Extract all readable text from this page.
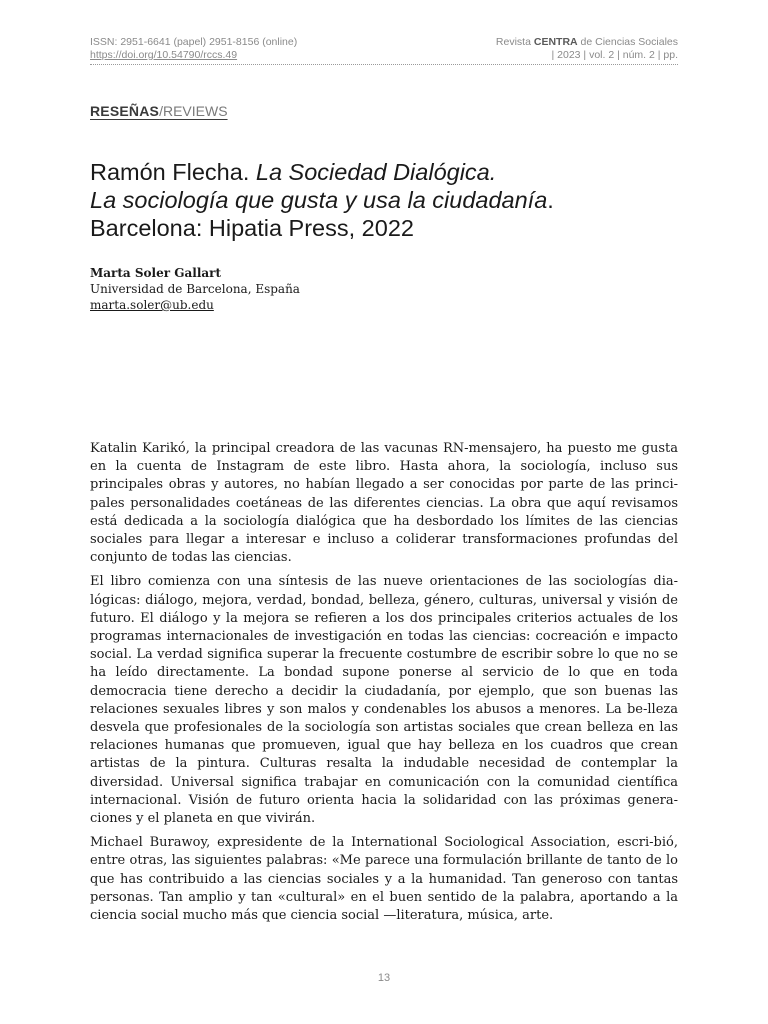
ISSN: 2951-6641 (papel) 2951-8156 (online)
https://doi.org/10.54790/rccs.49
Revista CENTRA de Ciencias Sociales
| 2023 | vol. 2 | núm. 2 | pp.
RESEÑAS/REVIEWS
Ramón Flecha. La Sociedad Dialógica.
La sociología que gusta y usa la ciudadanía.
Barcelona: Hipatia Press, 2022
Marta Soler Gallart
Universidad de Barcelona, España
marta.soler@ub.edu

Katalin Karikó, la principal creadora de las vacunas RN-mensajero, ha puesto me gusta en la cuenta de Instagram de este libro. Hasta ahora, la sociología, incluso sus principales obras y autores, no habían llegado a ser conocidas por parte de las princi-pales personalidades coetáneas de las diferentes ciencias. La obra que aquí revisamos está dedicada a la sociología dialógica que ha desbordado los límites de las ciencias sociales para llegar a interesar e incluso a coliderar transformaciones profundas del conjunto de todas las ciencias.

El libro comienza con una síntesis de las nueve orientaciones de las sociologías dia-lógicas: diálogo, mejora, verdad, bondad, belleza, género, culturas, universal y visión de futuro. El diálogo y la mejora se refieren a los dos principales criterios actuales de los programas internacionales de investigación en todas las ciencias: cocreación e impacto social. La verdad significa superar la frecuente costumbre de escribir sobre lo que no se ha leído directamente. La bondad supone ponerse al servicio de lo que en toda democracia tiene derecho a decidir la ciudadanía, por ejemplo, que son buenas las relaciones sexuales libres y son malos y condenables los abusos a menores. La be-lleza desvela que profesionales de la sociología son artistas sociales que crean belleza en las relaciones humanas que promueven, igual que hay belleza en los cuadros que crean artistas de la pintura. Culturas resalta la indudable necesidad de contemplar la diversidad. Universal significa trabajar en comunicación con la comunidad científica internacional. Visión de futuro orienta hacia la solidaridad con las próximas genera-ciones y el planeta en que vivirán.

Michael Burawoy, expresidente de la International Sociological Association, escri-bió, entre otras, las siguientes palabras: «Me parece una formulación brillante de tanto de lo que has contribuido a las ciencias sociales y a la humanidad. Tan generoso con tantas personas. Tan amplio y tan «cultural» en el buen sentido de la palabra, aportando a la ciencia social mucho más que ciencia social —literatura, música, arte.

13
